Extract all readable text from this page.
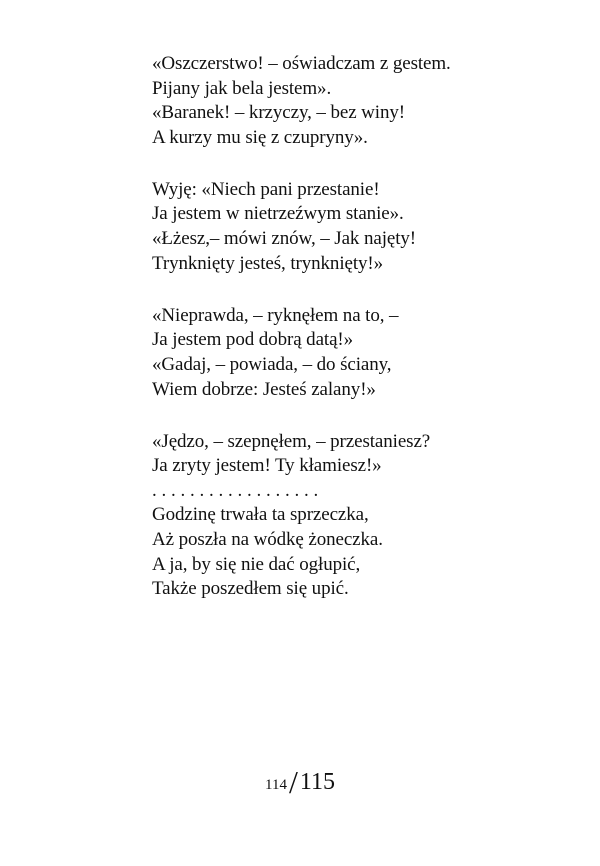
«Oszczerstwo! – oświadczam z gestem.
Pijany jak bela jestem».
«Baranek! – krzyczy, – bez winy!
A kurzy mu się z czupryny».
Wyję: «Niech pani przestanie!
Ja jestem w nietrzeźwym stanie».
«Łżesz,– mówi znów, – Jak najęty!
Trynknięty jesteś, trynknięty!»
«Nieprawda, – ryknęłem na to, –
Ja jestem pod dobrą datą!»
«Gadaj, – powiada, – do ściany,
Wiem dobrze: Jesteś zalany!»
«Jędzo, – szepnęłem, – przestaniesz?
Ja zryty jestem! Ty kłamiesz!»
. . . . . . . . . . . . . . . . . .
Godzinę trwała ta sprzeczka,
Aż poszła na wódkę żoneczka.
A ja, by się nie dać ogłupić,
Także poszedłem się upić.
114/115
